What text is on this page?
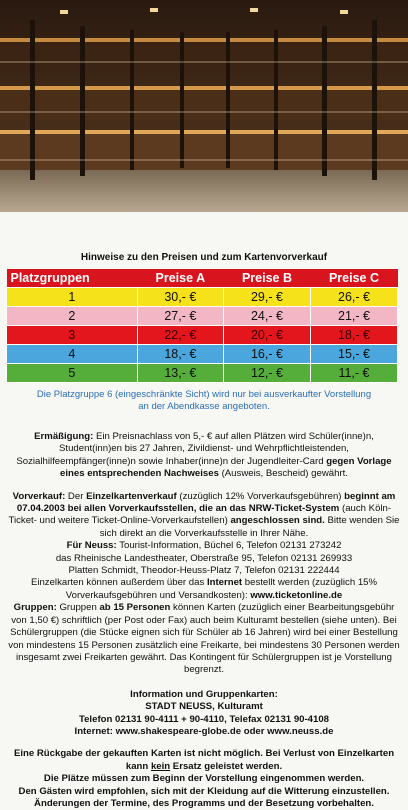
Hinweise zu den Preisen und zum Kartenvorverkauf
Platzgruppen	Preise A	Preise B	Preise C
1	30,- €	29,- €	26,- €
2	27,- €	24,- €	21,- €
3	22,- €	20,- €	18,- €
4	18,- €	16,- €	15,- €
5	13,- €	12,- €	11,- €
Die Platzgruppe 6 (eingeschränkte Sicht) wird nur bei ausverkaufter Vorstellung
an der Abendkasse angeboten.
Ermäßigung: Ein Preisnachlass von 5,- € auf allen Plätzen wird Schüler(inne)n, Student(inn)en bis 27 Jahren, Zivildienst- und Wehrpflichtleistenden, Sozialhilfeempfänger(inne)n sowie Inhaber(inne)n der Jugendleiter-Card gegen Vorlage eines entsprechenden Nachweises (Ausweis, Bescheid) gewährt.
Vorverkauf: Der Einzelkartenverkauf (zuzüglich 12% Vorverkaufsgebühren) beginnt am 07.04.2003 bei allen Vorverkaufsstellen, die an das NRW-Ticket-System (auch Köln-Ticket- und weitere Ticket-Online-Vorverkaufstellen) angeschlossen sind. Bitte wenden Sie sich direkt an die Vorverkaufsstelle in Ihrer Nähe.
Für Neuss: Tourist-Information, Büchel 6, Telefon 02131 273242
das Rheinische Landestheater, Oberstraße 95, Telefon 02131 269933
Platten Schmidt, Theodor-Heuss-Platz 7, Telefon 02131 222444
Einzelkarten können außerdem über das Internet bestellt werden (zuzüglich 15% Vorverkaufsgebühren und Versandkosten): www.ticketonline.de
Gruppen: Gruppen ab 15 Personen können Karten (zuzüglich einer Bearbeitungsgebühr von 1,50 €) schriftlich (per Post oder Fax) auch beim Kulturamt bestellen (siehe unten). Bei Schülergruppen (die Stücke eignen sich für Schüler ab 16 Jahren) wird bei einer Bestellung von mindestens 15 Personen zusätzlich eine Freikarte, bei mindestens 30 Personen werden insgesamt zwei Freikarten gewährt. Das Kontingent für Schülergruppen ist je Vorstellung begrenzt.
Information und Gruppenkarten:
STADT NEUSS, Kulturamt
Telefon 02131 90-4111 + 90-4110, Telefax 02131 90-4108
Internet: www.shakespeare-globe.de oder www.neuss.de
Eine Rückgabe der gekauften Karten ist nicht möglich. Bei Verlust von Einzelkarten kann kein Ersatz geleistet werden.
Die Plätze müssen zum Beginn der Vorstellung eingenommen werden.
Den Gästen wird empfohlen, sich mit der Kleidung auf die Witterung einzustellen.
Änderungen der Termine, des Programms und der Besetzung vorbehalten.
